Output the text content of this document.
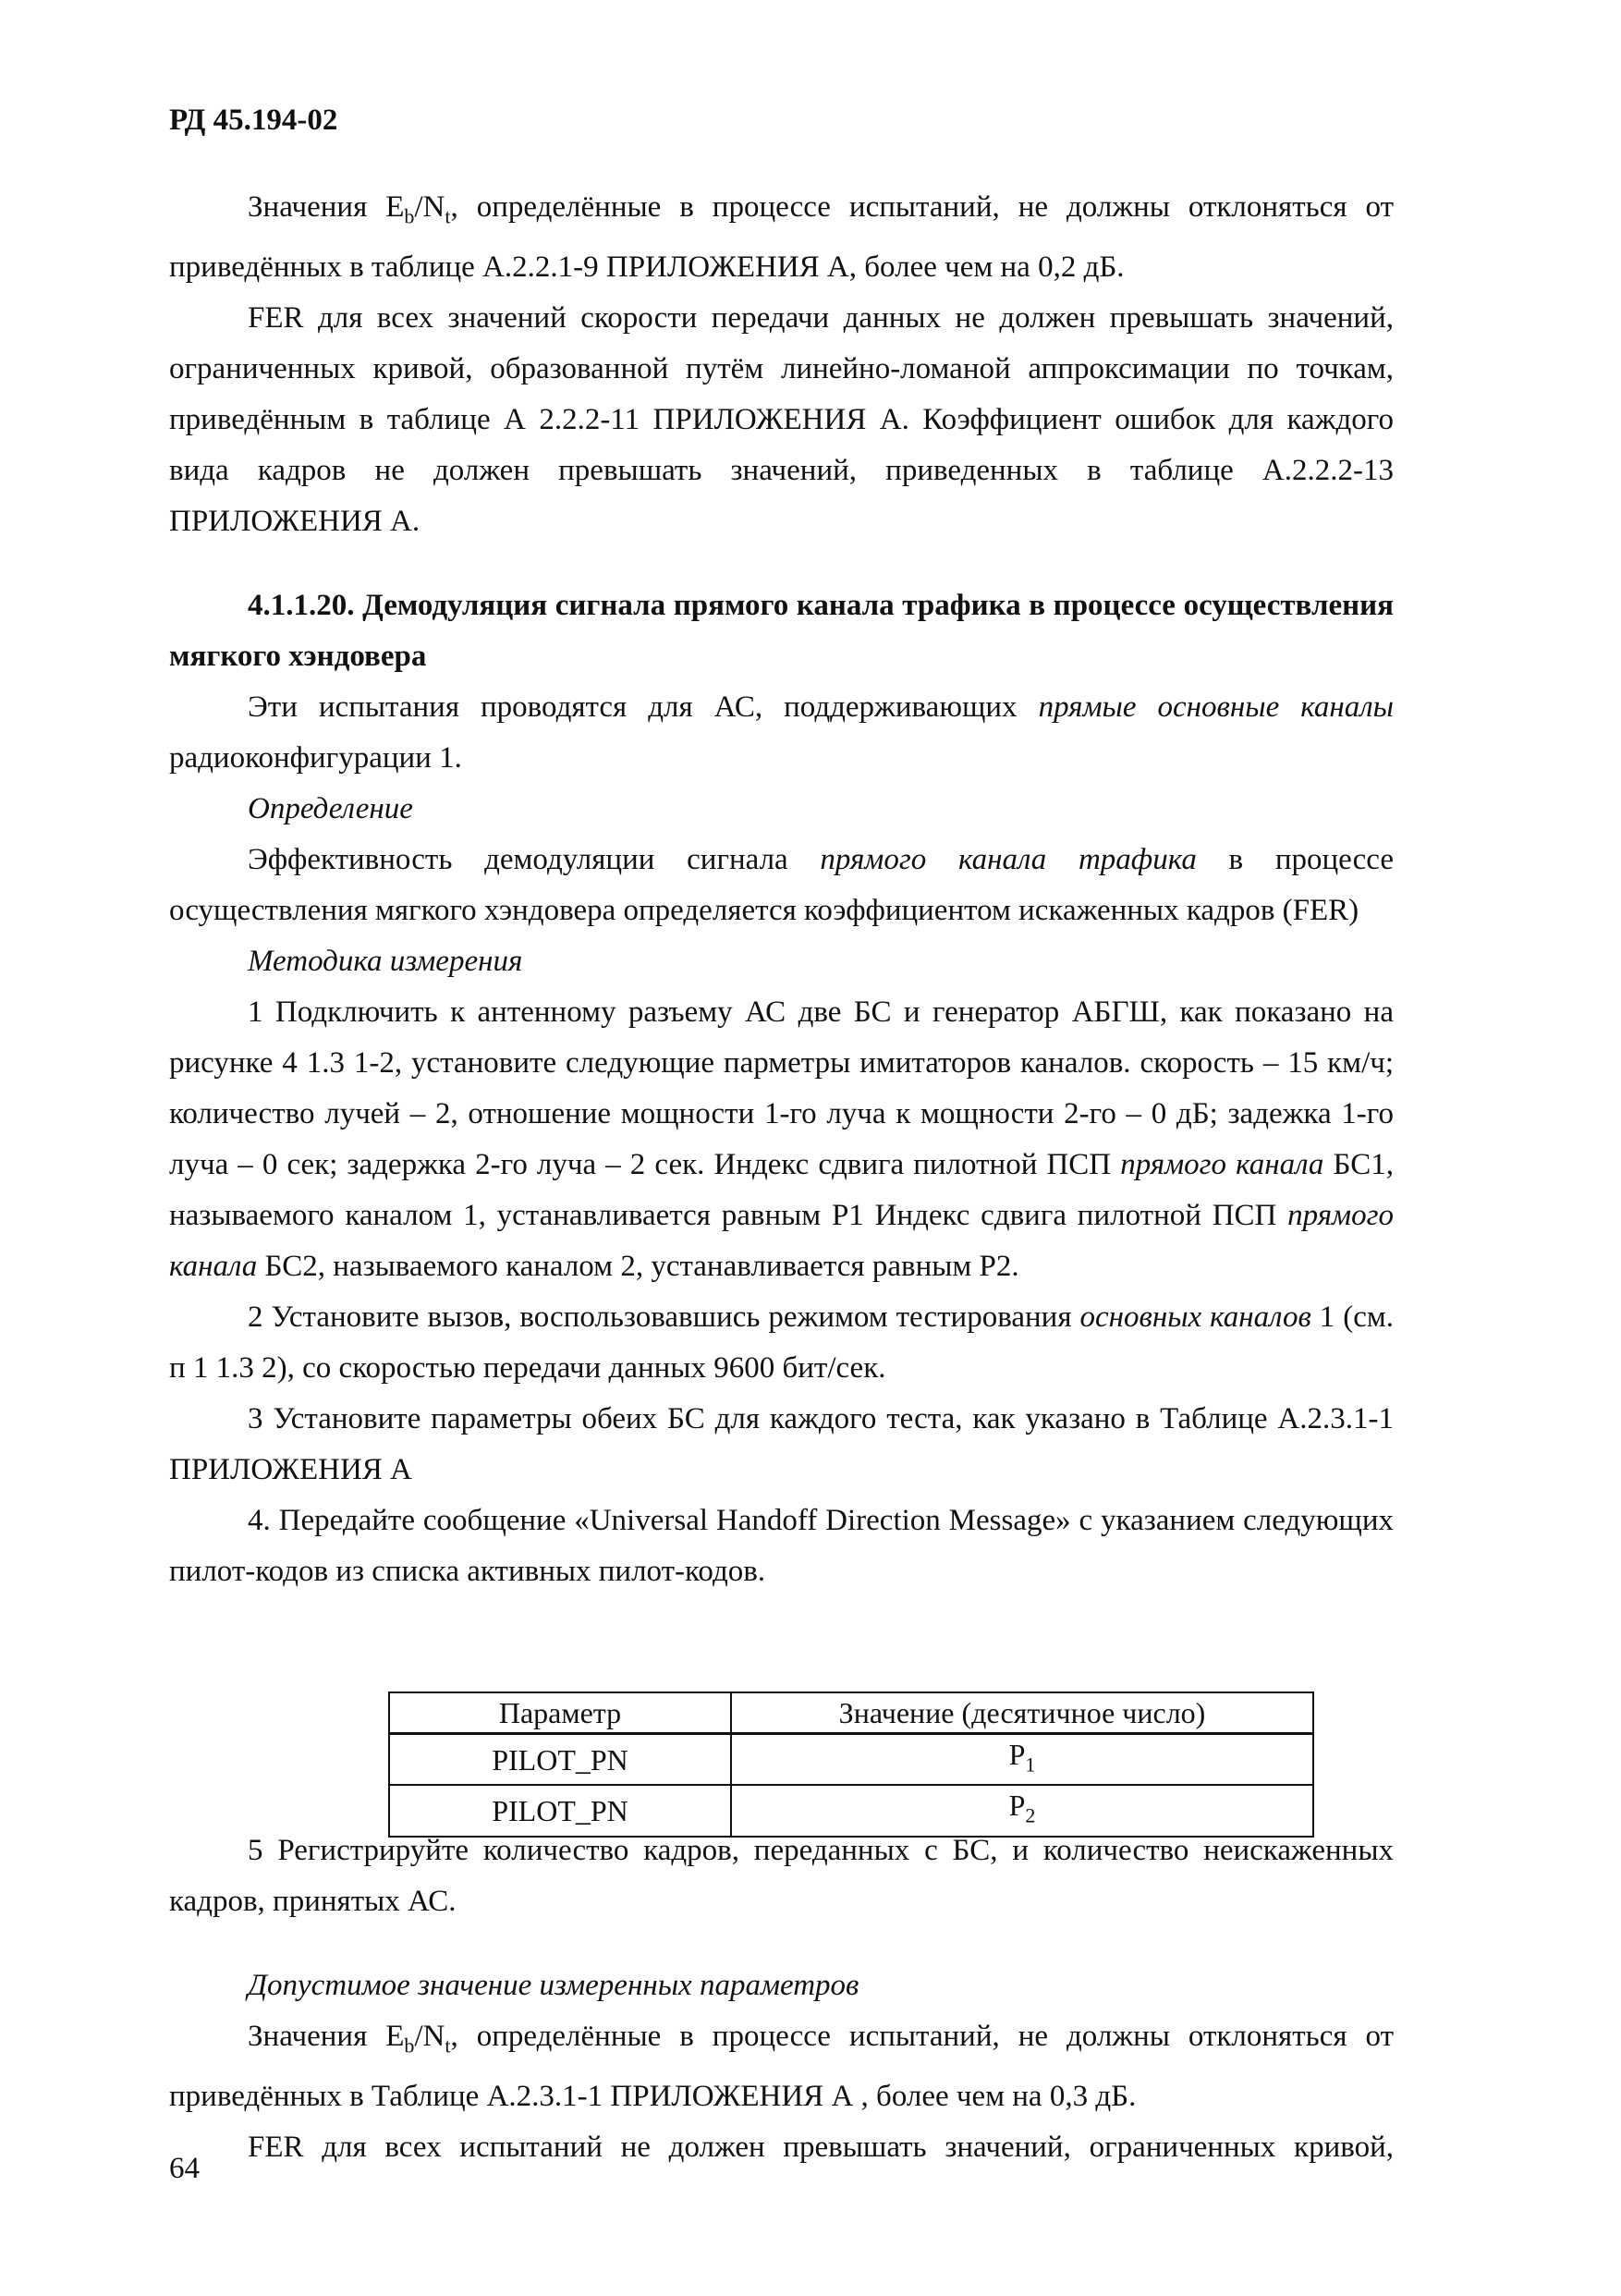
РД 45.194-02

Значения $E_b/N_t$, определённые в процессе испытаний, не должны отклоняться от приведённых в таблице А.2.2.1-9 ПРИЛОЖЕНИЯ А, более чем на 0,2 дБ.

FER для всех значений скорости передачи данных не должен превышать значений, ограниченных кривой, образованной путём линейно-ломаной аппроксимации по точкам, приведённым в таблице А 2.2.2-11 ПРИЛОЖЕНИЯ А. Коэффициент ошибок для каждого вида кадров не должен превышать значений, приведенных в таблице А.2.2.2-13 ПРИЛОЖЕНИЯ А.

4.1.1.20. Демодуляция сигнала прямого канала трафика в процессе осуществления мягкого хэндовера

Эти испытания проводятся для АС, поддерживающих прямые основные каналы радиоконфигурации 1.

Определение

Эффективность демодуляции сигнала прямого канала трафика в процессе осуществления мягкого хэндовера определяется коэффициентом искаженных кадров (FER)

Методика измерения

1 Подключить к антенному разъему АС две БС и генератор АБГШ, как показано на рисунке 4 1.3 1-2, установите следующие парметры имитаторов каналов. скорость – 15 км/ч; количество лучей – 2, отношение мощности 1-го луча к мощности 2-го – 0 дБ; задежка 1-го луча – 0 сек; задержка 2-го луча – 2 сек. Индекс сдвига пилотной ПСП прямого канала БС1, называемого каналом 1, устанавливается равным P1 Индекс сдвига пилотной ПСП прямого канала БС2, называемого каналом 2, устанавливается равным P2.

2 Установите вызов, воспользовавшись режимом тестирования основных каналов 1 (см. п 1 1.3 2), со скоростью передачи данных 9600 бит/сек.

3 Установите параметры обеих БС для каждого теста, как указано в Таблице А.2.3.1-1 ПРИЛОЖЕНИЯ А

4. Передайте сообщение «Universal Handoff Direction Message» с указанием следующих пилот-кодов из списка активных пилот-кодов.

Параметр	Значение (десятичное число)
PILOT_PN	$P_1$
PILOT_PN	$P_2$

5 Регистрируйте количество кадров, переданных с БС, и количество неискаженных кадров, принятых АС.

Допустимое значение измеренных параметров

Значения $E_b/N_t$, определённые в процессе испытаний, не должны отклоняться от приведённых в Таблице А.2.3.1-1 ПРИЛОЖЕНИЯ А , более чем на 0,3 дБ.

FER для всех испытаний не должен превышать значений, ограниченных кривой,

64
